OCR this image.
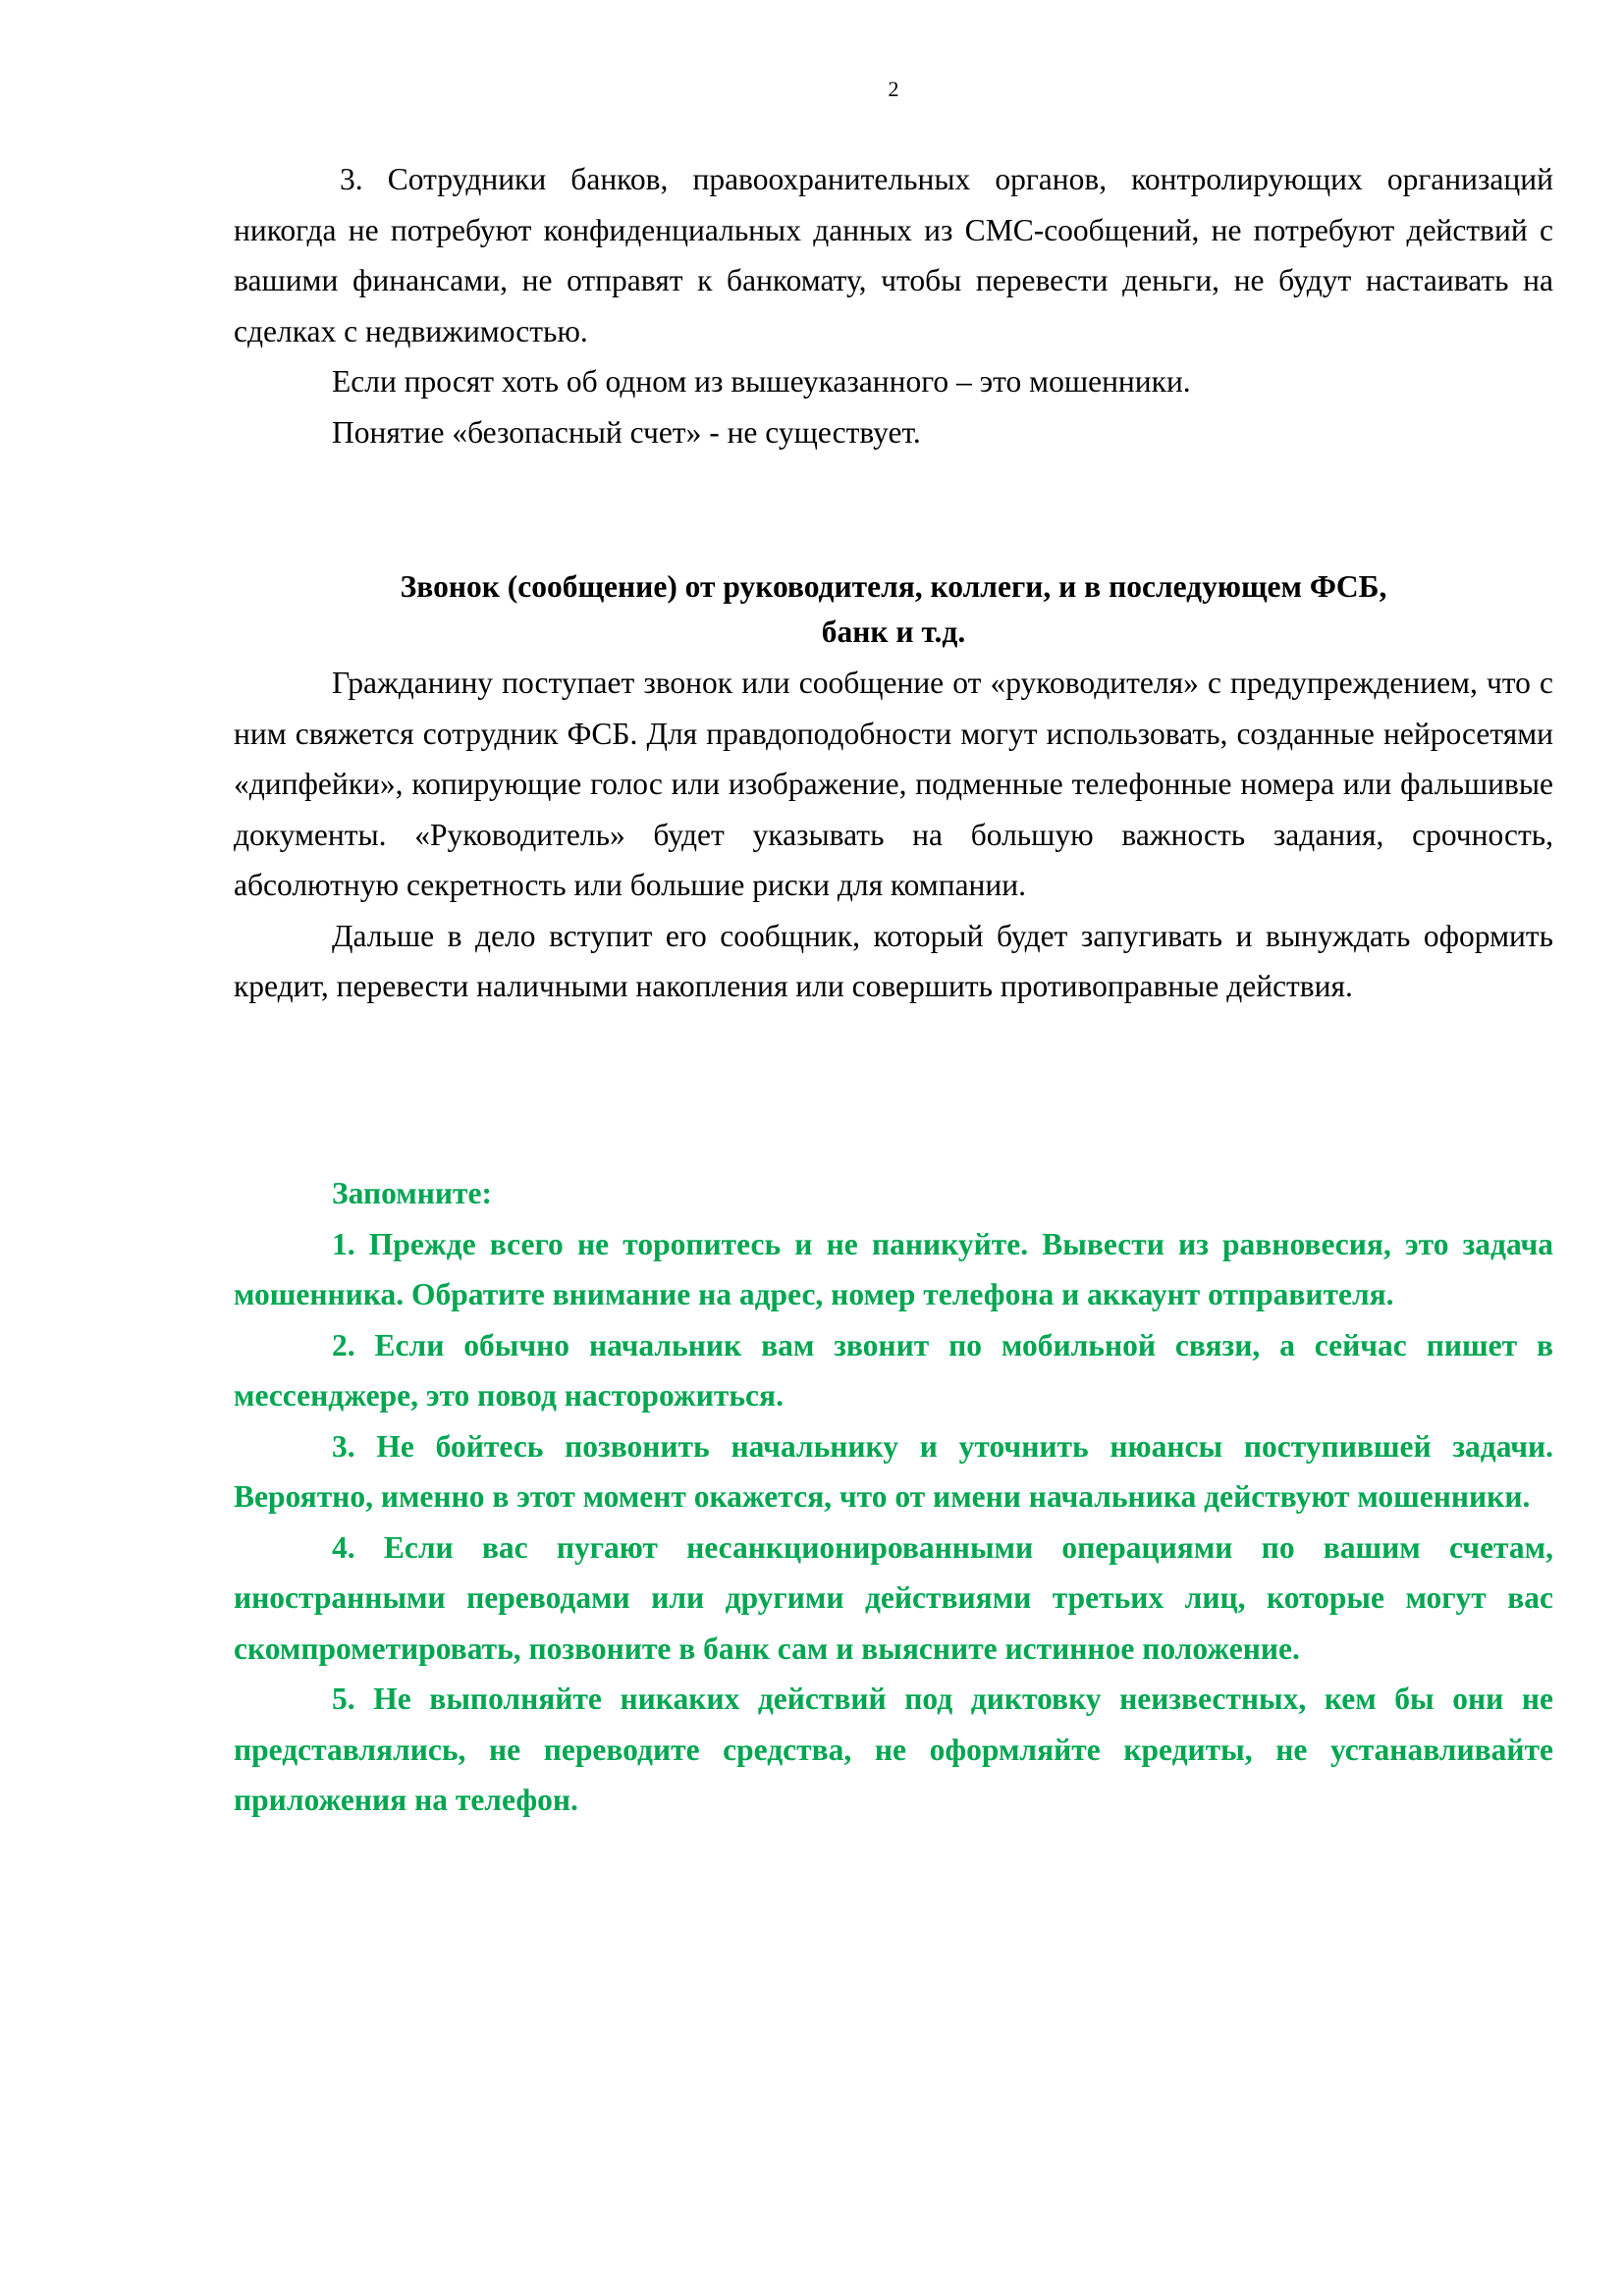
2

3. Сотрудники банков, правоохранительных органов, контролирующих организаций никогда не потребуют конфиденциальных данных из СМС-сообщений, не потребуют действий с вашими финансами, не отправят к банкомату, чтобы перевести деньги, не будут настаивать на сделках с недвижимостью.

Если просят хоть об одном из вышеуказанного – это мошенники.

Понятие «безопасный счет» - не существует.

Звонок (сообщение) от руководителя, коллеги, и в последующем ФСБ,

банк и т.д.

Гражданину поступает звонок или сообщение от «руководителя» с предупреждением, что с ним свяжется сотрудник ФСБ. Для правдоподобности могут использовать, созданные нейросетями «дипфейки», копирующие голос или изображение, подменные телефонные номера или фальшивые документы. «Руководитель» будет указывать на большую важность задания, срочность, абсолютную секретность или большие риски для компании.

Дальше в дело вступит его сообщник, который будет запугивать и вынуждать оформить кредит, перевести наличными накопления или совершить противоправные действия.

Запомните:

1. Прежде всего не торопитесь и не паникуйте. Вывести из равновесия, это задача мошенника. Обратите внимание на адрес, номер телефона и аккаунт отправителя.

2. Если обычно начальник вам звонит по мобильной связи, а сейчас пишет в мессенджере, это повод насторожиться.

3. Не бойтесь позвонить начальнику и уточнить нюансы поступившей задачи. Вероятно, именно в этот момент окажется, что от имени начальника действуют мошенники.

4. Если вас пугают несанкционированными операциями по вашим счетам, иностранными переводами или другими действиями третьих лиц, которые могут вас скомпрометировать, позвоните в банк сам и выясните истинное положение.

5. Не выполняйте никаких действий под диктовку неизвестных, кем бы они не представлялись, не переводите средства, не оформляйте кредиты, не устанавливайте приложения на телефон.
